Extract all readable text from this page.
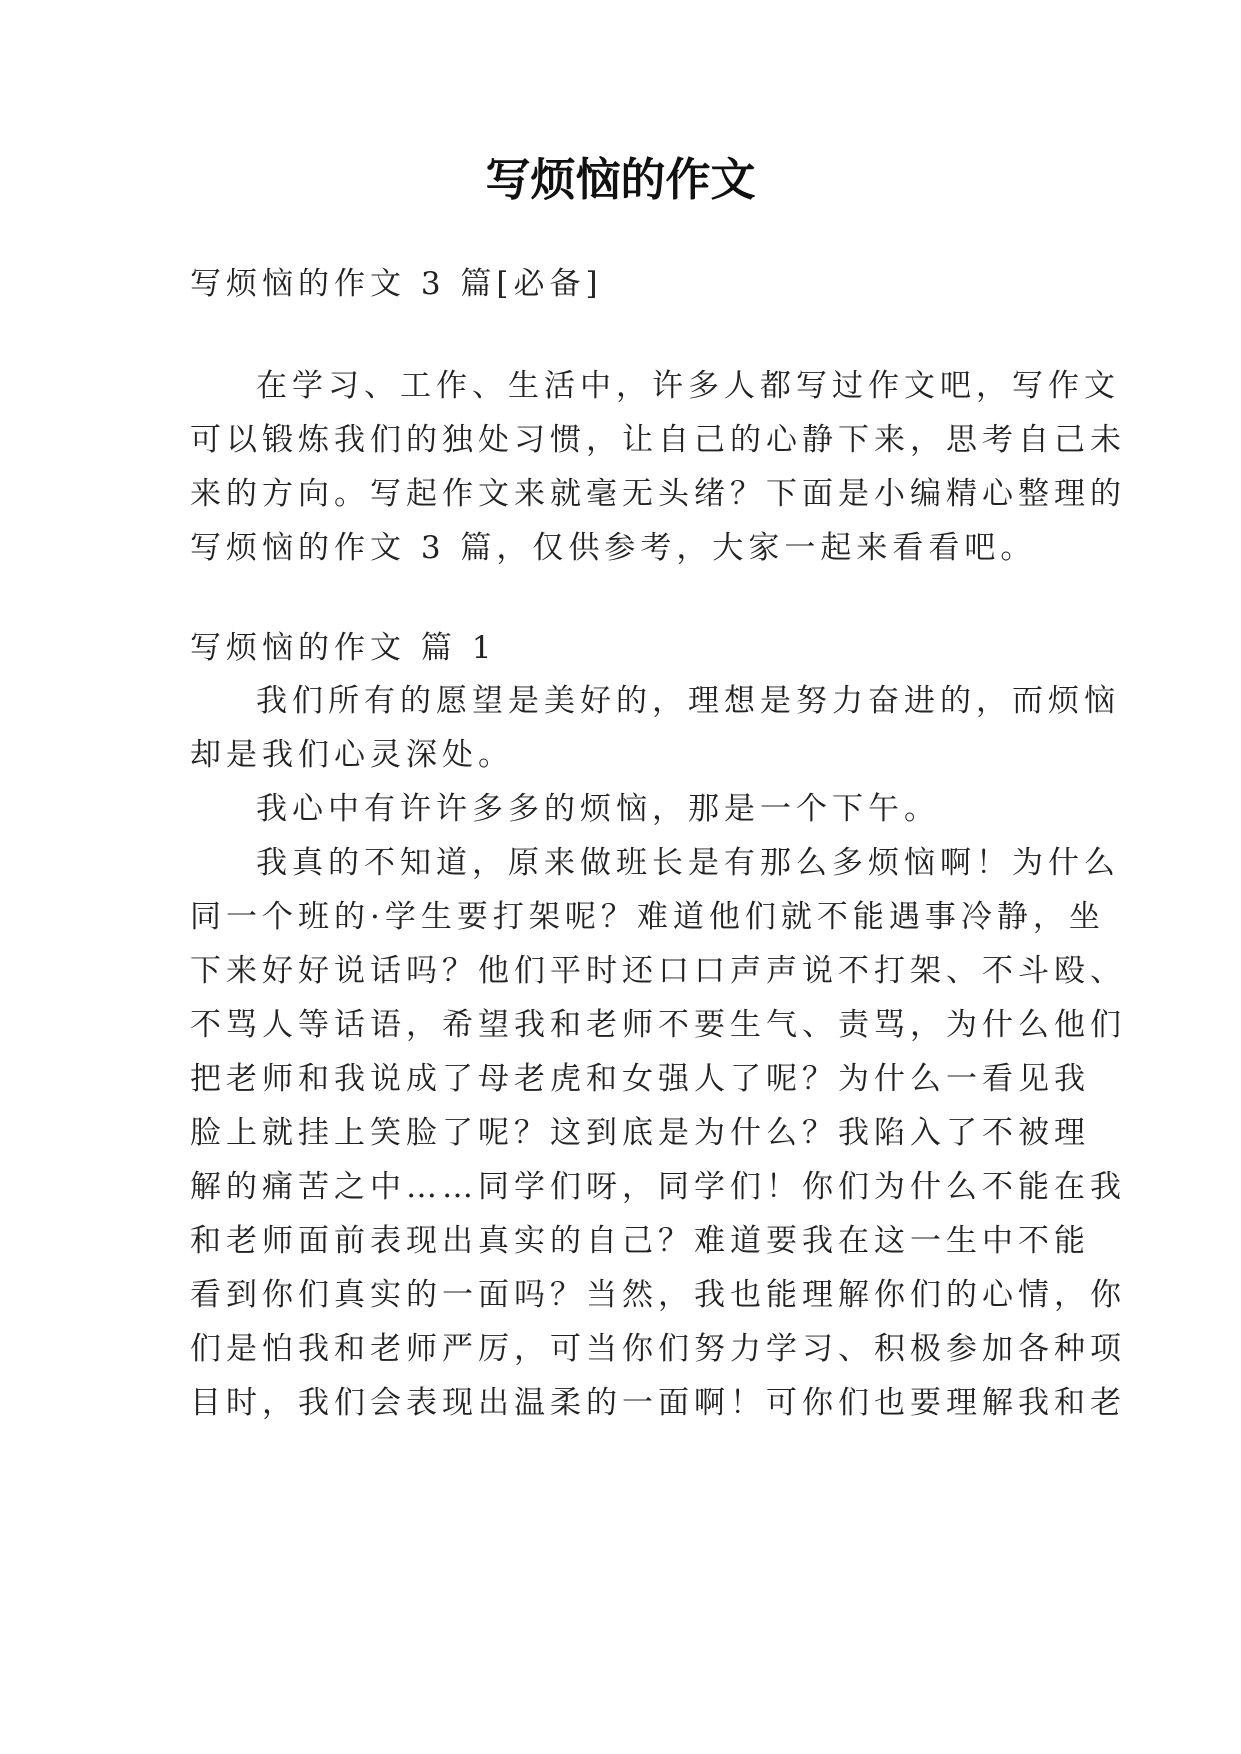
写烦恼的作文
写烦恼的作文 3 篇[必备]
在学习、工作、生活中，许多人都写过作文吧，写作文
可以锻炼我们的独处习惯，让自己的心静下来，思考自己未
来的方向。写起作文来就毫无头绪？下面是小编精心整理的
写烦恼的作文 3 篇，仅供参考，大家一起来看看吧。
写烦恼的作文 篇 1
我们所有的愿望是美好的，理想是努力奋进的，而烦恼
却是我们心灵深处。
我心中有许许多多的烦恼，那是一个下午。
我真的不知道，原来做班长是有那么多烦恼啊！为什么
同一个班的·学生要打架呢？难道他们就不能遇事冷静，坐
下来好好说话吗？他们平时还口口声声说不打架、不斗殴、
不骂人等话语，希望我和老师不要生气、责骂，为什么他们
把老师和我说成了母老虎和女强人了呢？为什么一看见我
脸上就挂上笑脸了呢？这到底是为什么？我陷入了不被理
解的痛苦之中……同学们呀，同学们！你们为什么不能在我
和老师面前表现出真实的自己？难道要我在这一生中不能
看到你们真实的一面吗？当然，我也能理解你们的心情，你
们是怕我和老师严厉，可当你们努力学习、积极参加各种项
目时，我们会表现出温柔的一面啊！可你们也要理解我和老
